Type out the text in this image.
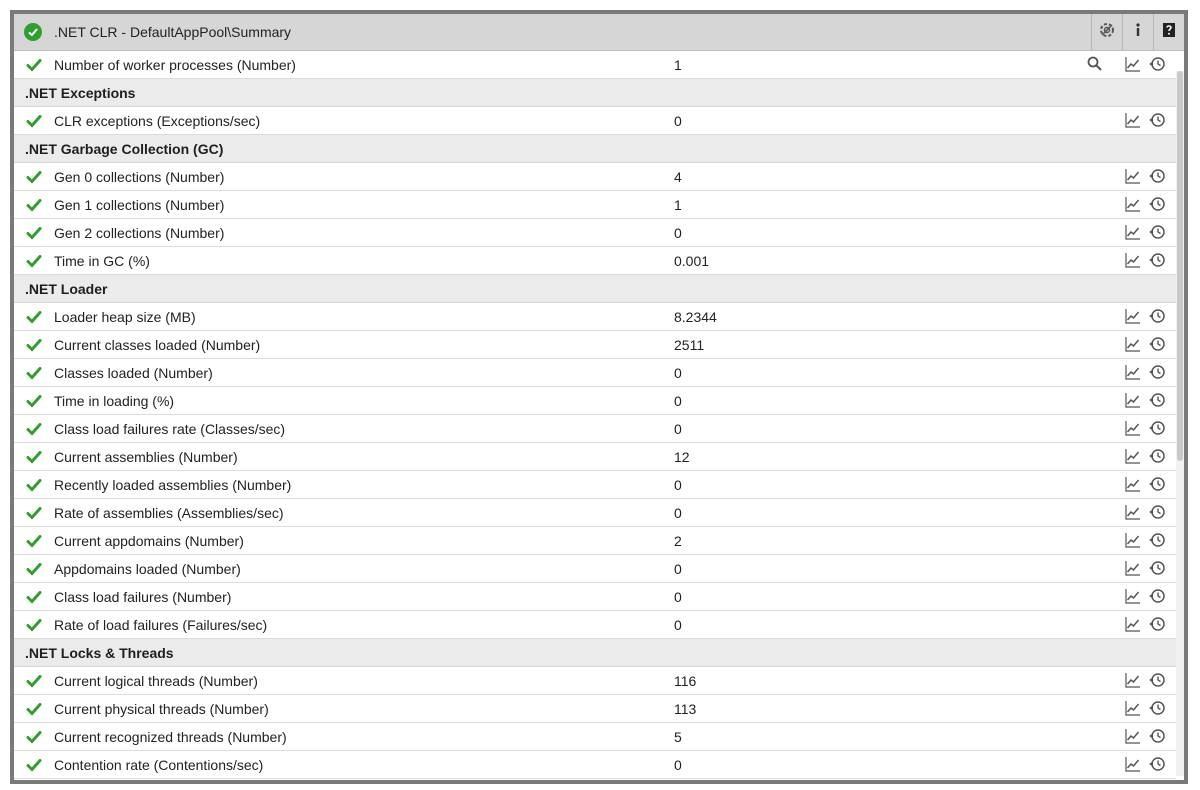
.NET CLR - DefaultAppPool\Summary
Number of worker processes (Number)	1
.NET Exceptions
CLR exceptions (Exceptions/sec)	0
.NET Garbage Collection (GC)
Gen 0 collections (Number)	4
Gen 1 collections (Number)	1
Gen 2 collections (Number)	0
Time in GC (%)	0.001
.NET Loader
Loader heap size (MB)	8.2344
Current classes loaded (Number)	2511
Classes loaded (Number)	0
Time in loading (%)	0
Class load failures rate (Classes/sec)	0
Current assemblies (Number)	12
Recently loaded assemblies (Number)	0
Rate of assemblies (Assemblies/sec)	0
Current appdomains (Number)	2
Appdomains loaded (Number)	0
Class load failures (Number)	0
Rate of load failures (Failures/sec)	0
.NET Locks & Threads
Current logical threads (Number)	116
Current physical threads (Number)	113
Current recognized threads (Number)	5
Contention rate (Contentions/sec)	0
